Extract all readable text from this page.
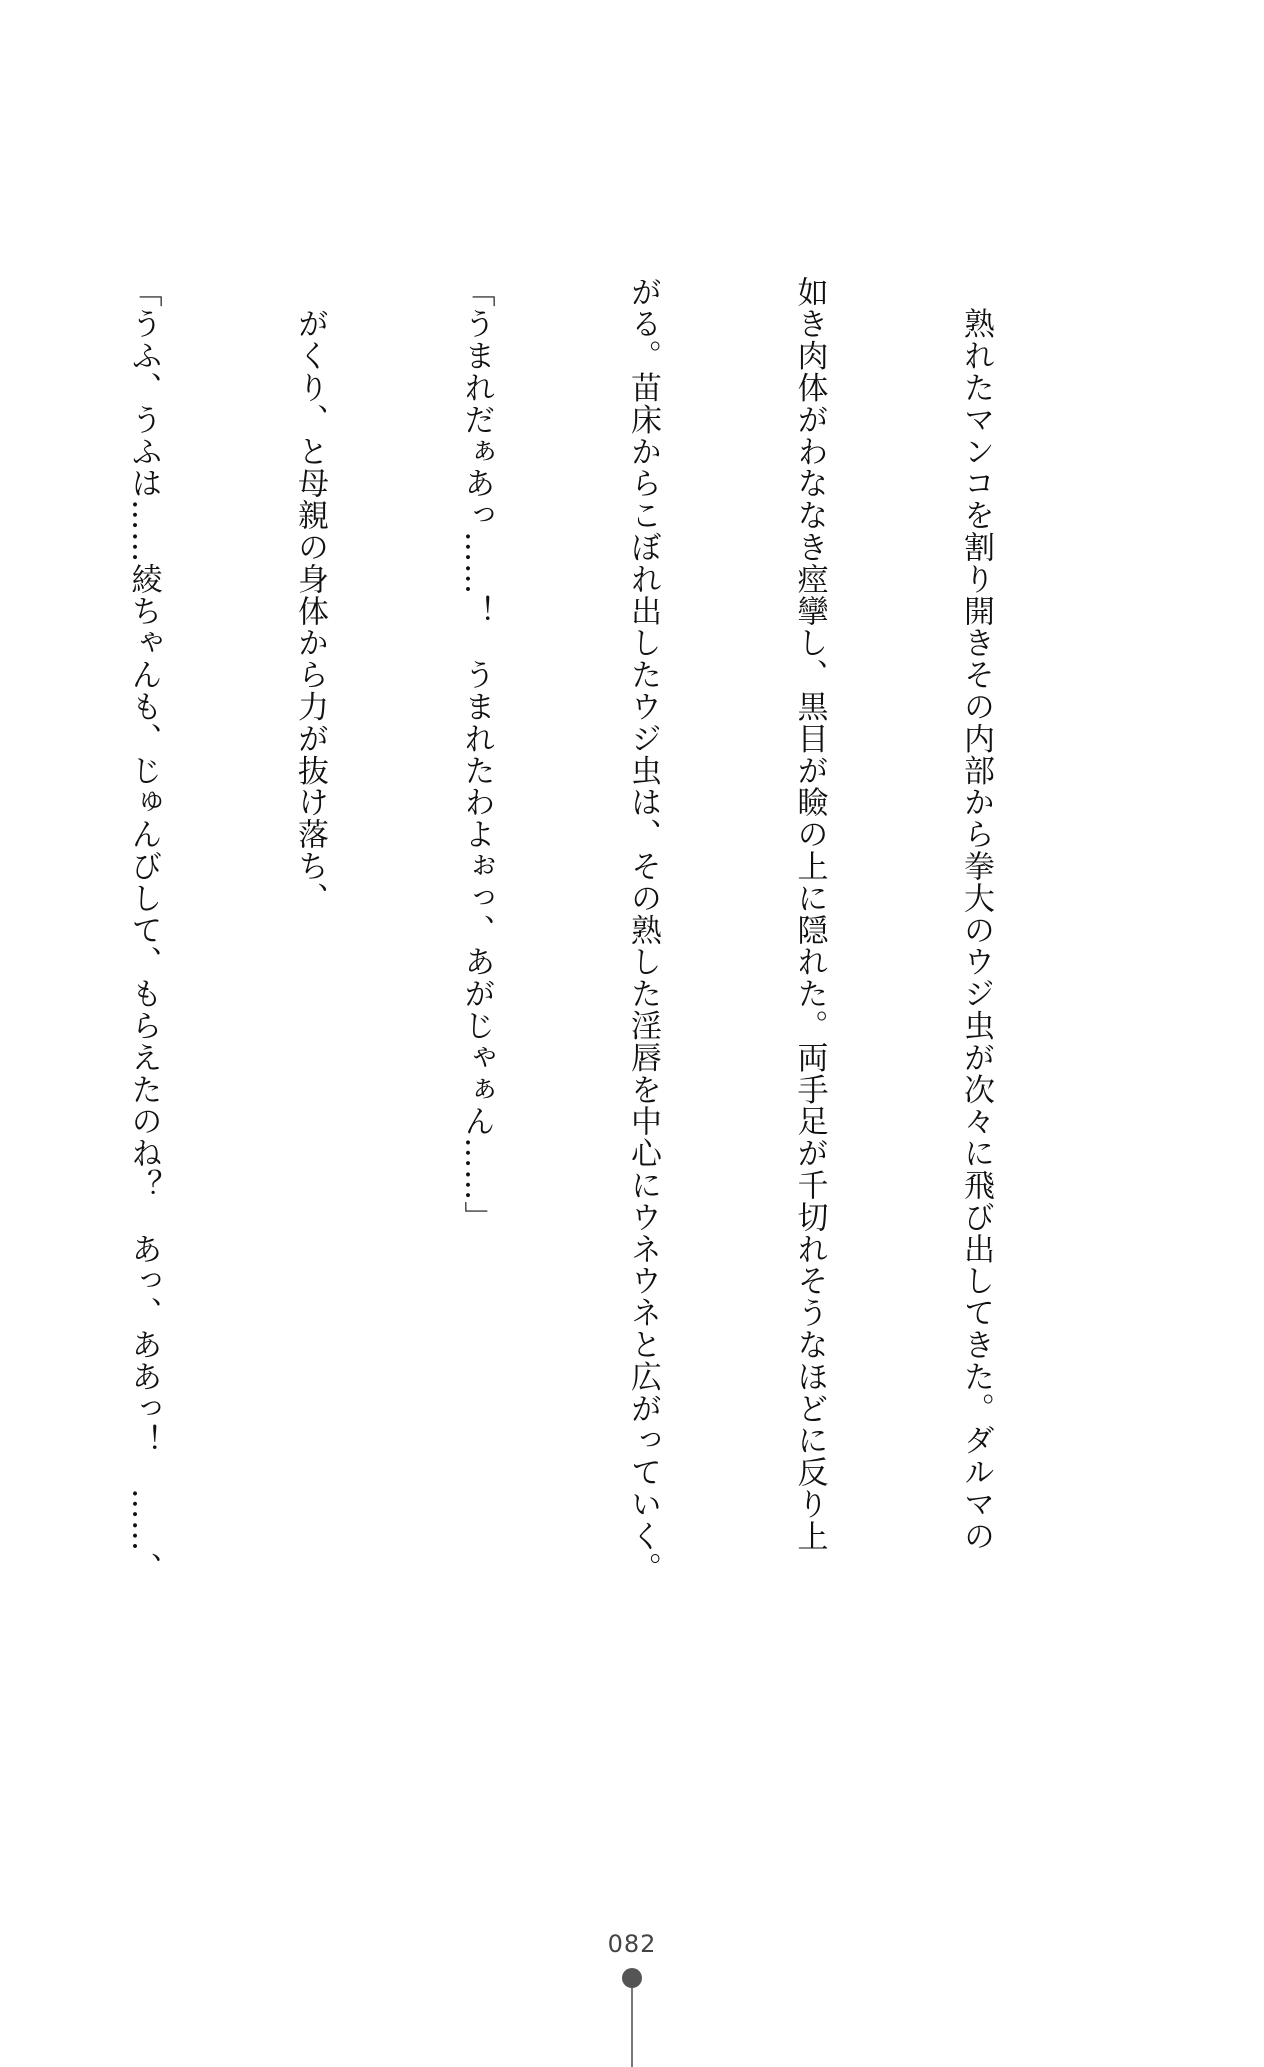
　熟れたマンコを割り開きその内部から拳大のウジ虫が次々に飛び出してきた。ダルマの

如き肉体がわななき痙攣し、黒目が瞼の上に隠れた。両手足が千切れそうなほどに反り上

がる。苗床からこぼれ出したウジ虫は、その熟した淫唇を中心にウネウネと広がっていく。

「うまれだぁあっ……！　うまれたわよぉっ、あがじゃぁん……」

　がくり、と母親の身体から力が抜け落ち、

「うふ、うふは……綾ちゃんも、じゅんびして、もらえたのね？　あっ、ああっ！　……、

082
